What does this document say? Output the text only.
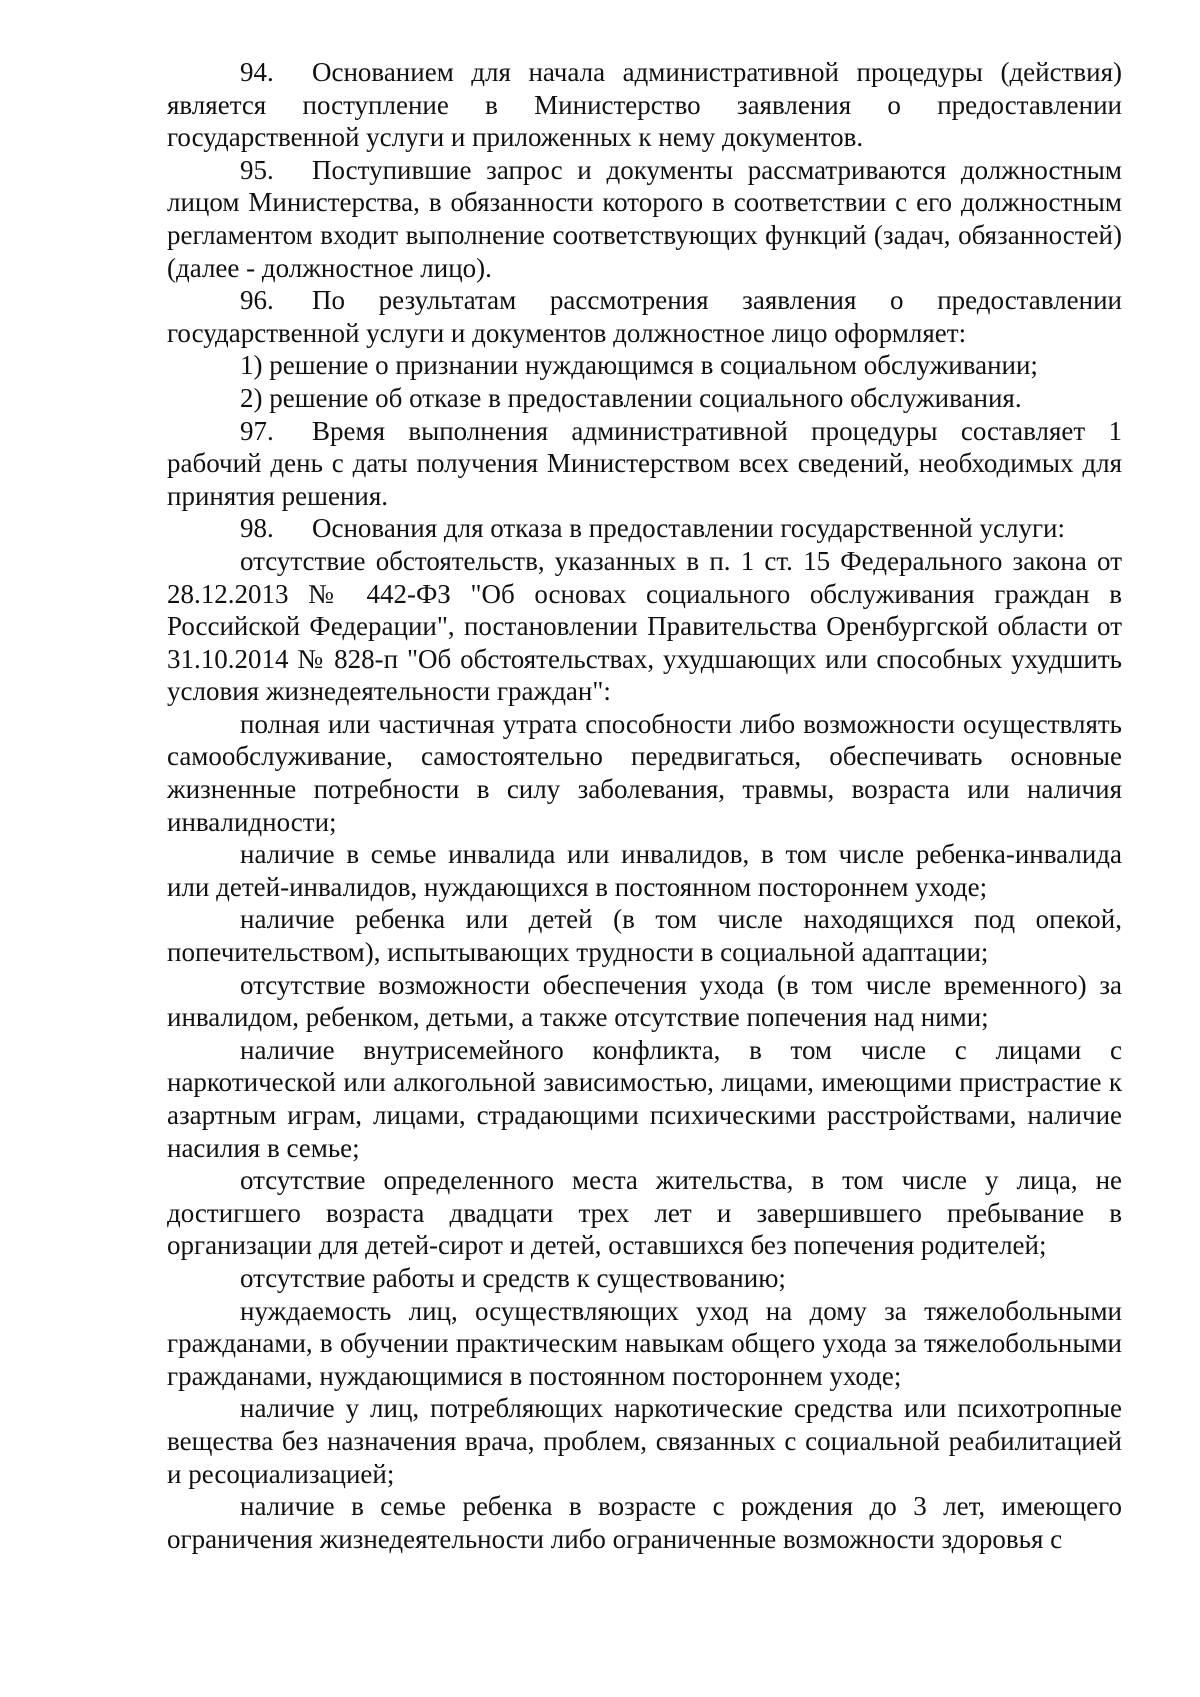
94. Основанием для начала административной процедуры (действия) является поступление в Министерство заявления о предоставлении государственной услуги и приложенных к нему документов.

95. Поступившие запрос и документы рассматриваются должностным лицом Министерства, в обязанности которого в соответствии с его должностным регламентом входит выполнение соответствующих функций (задач, обязанностей) (далее - должностное лицо).

96. По результатам рассмотрения заявления о предоставлении государственной услуги и документов должностное лицо оформляет:

1) решение о признании нуждающимся в социальном обслуживании;

2) решение об отказе в предоставлении социального обслуживания.

97. Время выполнения административной процедуры составляет 1 рабочий день с даты получения Министерством всех сведений, необходимых для принятия решения.

98. Основания для отказа в предоставлении государственной услуги:

отсутствие обстоятельств, указанных в п. 1 ст. 15 Федерального закона от 28.12.2013 № 442-ФЗ "Об основах социального обслуживания граждан в Российской Федерации", постановлении Правительства Оренбургской области от 31.10.2014 № 828-п "Об обстоятельствах, ухудшающих или способных ухудшить условия жизнедеятельности граждан":

полная или частичная утрата способности либо возможности осуществлять самообслуживание, самостоятельно передвигаться, обеспечивать основные жизненные потребности в силу заболевания, травмы, возраста или наличия инвалидности;

наличие в семье инвалида или инвалидов, в том числе ребенка-инвалида или детей-инвалидов, нуждающихся в постоянном постороннем уходе;

наличие ребенка или детей (в том числе находящихся под опекой, попечительством), испытывающих трудности в социальной адаптации;

отсутствие возможности обеспечения ухода (в том числе временного) за инвалидом, ребенком, детьми, а также отсутствие попечения над ними;

наличие внутрисемейного конфликта, в том числе с лицами с наркотической или алкогольной зависимостью, лицами, имеющими пристрастие к азартным играм, лицами, страдающими психическими расстройствами, наличие насилия в семье;

отсутствие определенного места жительства, в том числе у лица, не достигшего возраста двадцати трех лет и завершившего пребывание в организации для детей-сирот и детей, оставшихся без попечения родителей;

отсутствие работы и средств к существованию;

нуждаемость лиц, осуществляющих уход на дому за тяжелобольными гражданами, в обучении практическим навыкам общего ухода за тяжелобольными гражданами, нуждающимися в постоянном постороннем уходе;

наличие у лиц, потребляющих наркотические средства или психотропные вещества без назначения врача, проблем, связанных с социальной реабилитацией и ресоциализацией;

наличие в семье ребенка в возрасте с рождения до 3 лет, имеющего ограничения жизнедеятельности либо ограниченные возможности здоровья с
